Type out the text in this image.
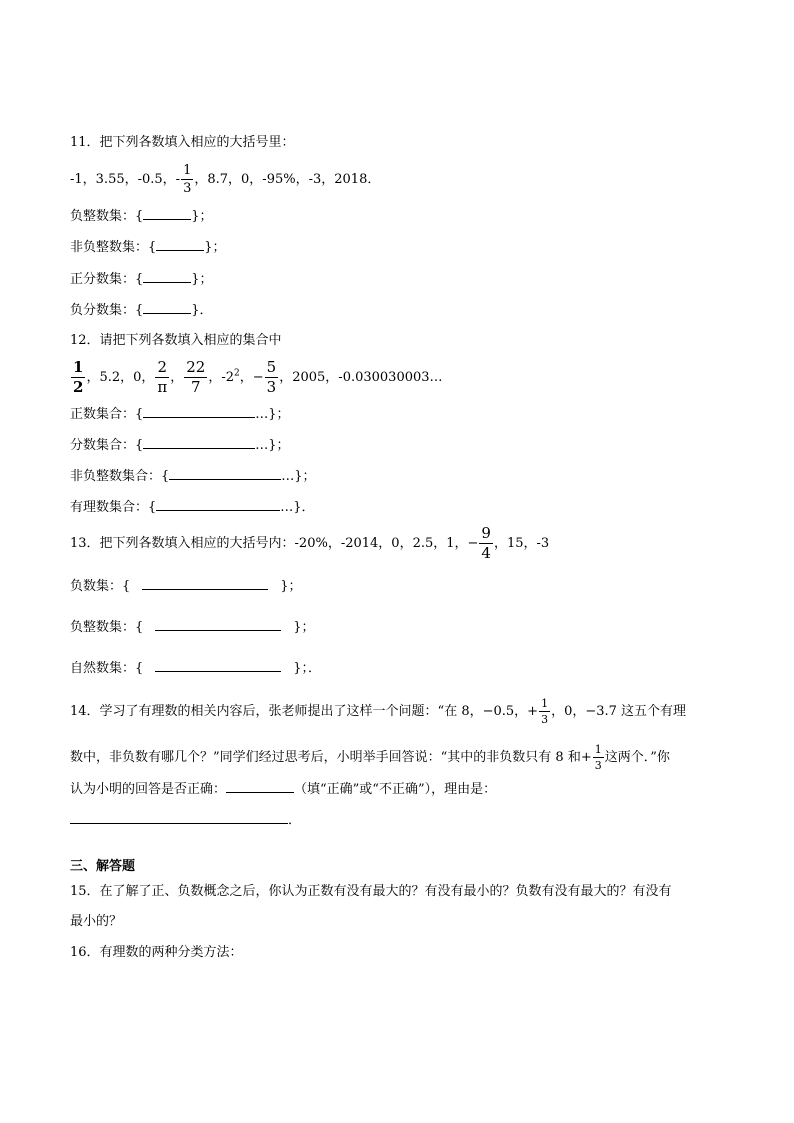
11．把下列各数填入相应的大括号里：
-1，3.55，-0.5，- $\frac{1}{3}$ ，8.7，0，-95%，-3，2018．
负整数集：{	}；
非负整数集：{	}；
正分数集：{	}；
负分数集：{	}．
12．请把下列各数填入相应的集合中
$\frac{1}{2}$ ，5.2，0， $\frac{2}{\pi}$ ， $\frac{22}{7}$ ，$-2^2$，− $\frac{5}{3}$ ，2005，-0.030030003…
正数集合：{	…}；
分数集合：{	…}；
非负整数集合：{	…}；
有理数集合：{	…}．
13．把下列各数填入相应的大括号内：-20%，-2014，0，2.5，1，− $\frac{9}{4}$ ，15，-3
负数集：{	}；
负整数集：{	}；
自然数集：{	}；．
14．学习了有理数的相关内容后，张老师提出了这样一个问题：“在 8，−0.5，+ $\frac{1}{3}$ ，0，−3.7 这五个有理
数中，非负数有哪几个？”同学们经过思考后，小明举手回答说：“其中的非负数只有 8 和+ $\frac{1}{3}$ 这两个．”你
认为小明的回答是否正确：	（填“正确”或“不正确”），理由是：
．
三、解答题
15．在了解了正、负数概念之后，你认为正数有没有最大的？有没有最小的？负数有没有最大的？有没有
最小的？
16．有理数的两种分类方法：
